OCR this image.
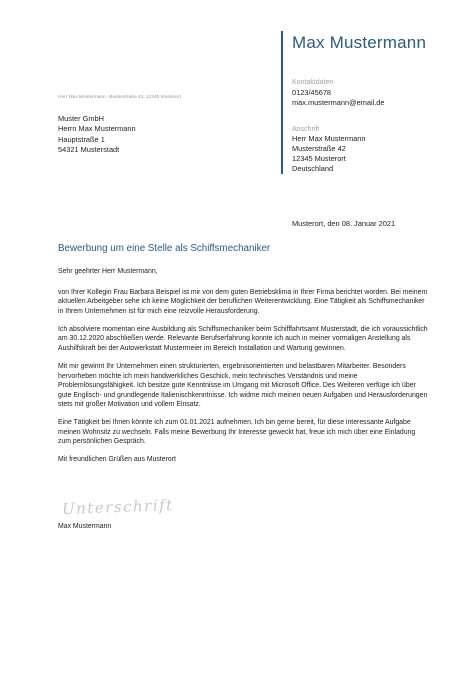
Max Mustermann
Kontaktdaten
0123/45678
max.mustermann@email.de
Anschrift
Herr Max Mustermann
Musterstraße 42
12345 Musterort
Deutschland
Herr Max Mustermann, Musterstraße 42, 12345 Musterort
Muster GmbH
Herrn Max Mustermann
Hauptstraße 1
54321 Musterstadt
Musterort, den 08. Januar 2021
Bewerbung um eine Stelle als Schiffsmechaniker

Sehr geehrter Herr Mustermann,

von Ihrer Kollegin Frau Barbara Beispiel ist mir von dem guten Betriebsklima in Ihrer Firma berichtet worden. Bei meinem aktuellen Arbeitgeber sehe ich keine Möglichkeit der beruflichen Weiterentwicklung. Eine Tätigkeit als Schiffsmechaniker in Ihrem Unternehmen ist für mich eine reizvolle Herausforderung.

Ich absolviere momentan eine Ausbildung als Schiffsmechaniker beim Schifffahrtsamt Musterstadt, die ich voraussichtlich am 30.12.2020 abschließen werde. Relevante Berufserfahrung konnte ich auch in meiner vormaligen Anstellung als Aushilfskraft bei der Autowerkstatt Mustermeier im Bereich Installation und Wartung gewinnen.

Mit mir gewinnt Ihr Unternehmen einen strukturierten, ergebnisorientierten und belastbaren Mitarbeiter. Besonders hervorheben möchte ich mein handwerkliches Geschick, mein technisches Verständnis und meine Problemlösungsfähigkeit. Ich besitze gute Kenntnisse im Umgang mit Microsoft Office. Des Weiteren verfüge ich über gute Englisch- und grundlegende Italienischkenntnisse. Ich widme mich meinen neuen Aufgaben und Herausforderungen stets mit großer Motivation und vollem Einsatz.

Eine Tätigkeit bei Ihnen könnte ich zum 01.01.2021 aufnehmen. Ich bin gerne bereit, für diese interessante Aufgabe meinen Wohnsitz zu wechseln. Falls meine Bewerbung Ihr Interesse geweckt hat, freue ich mich über eine Einladung zum persönlichen Gespräch.

Mit freundlichen Grüßen aus Musterort

Unterschrift
Max Mustermann
